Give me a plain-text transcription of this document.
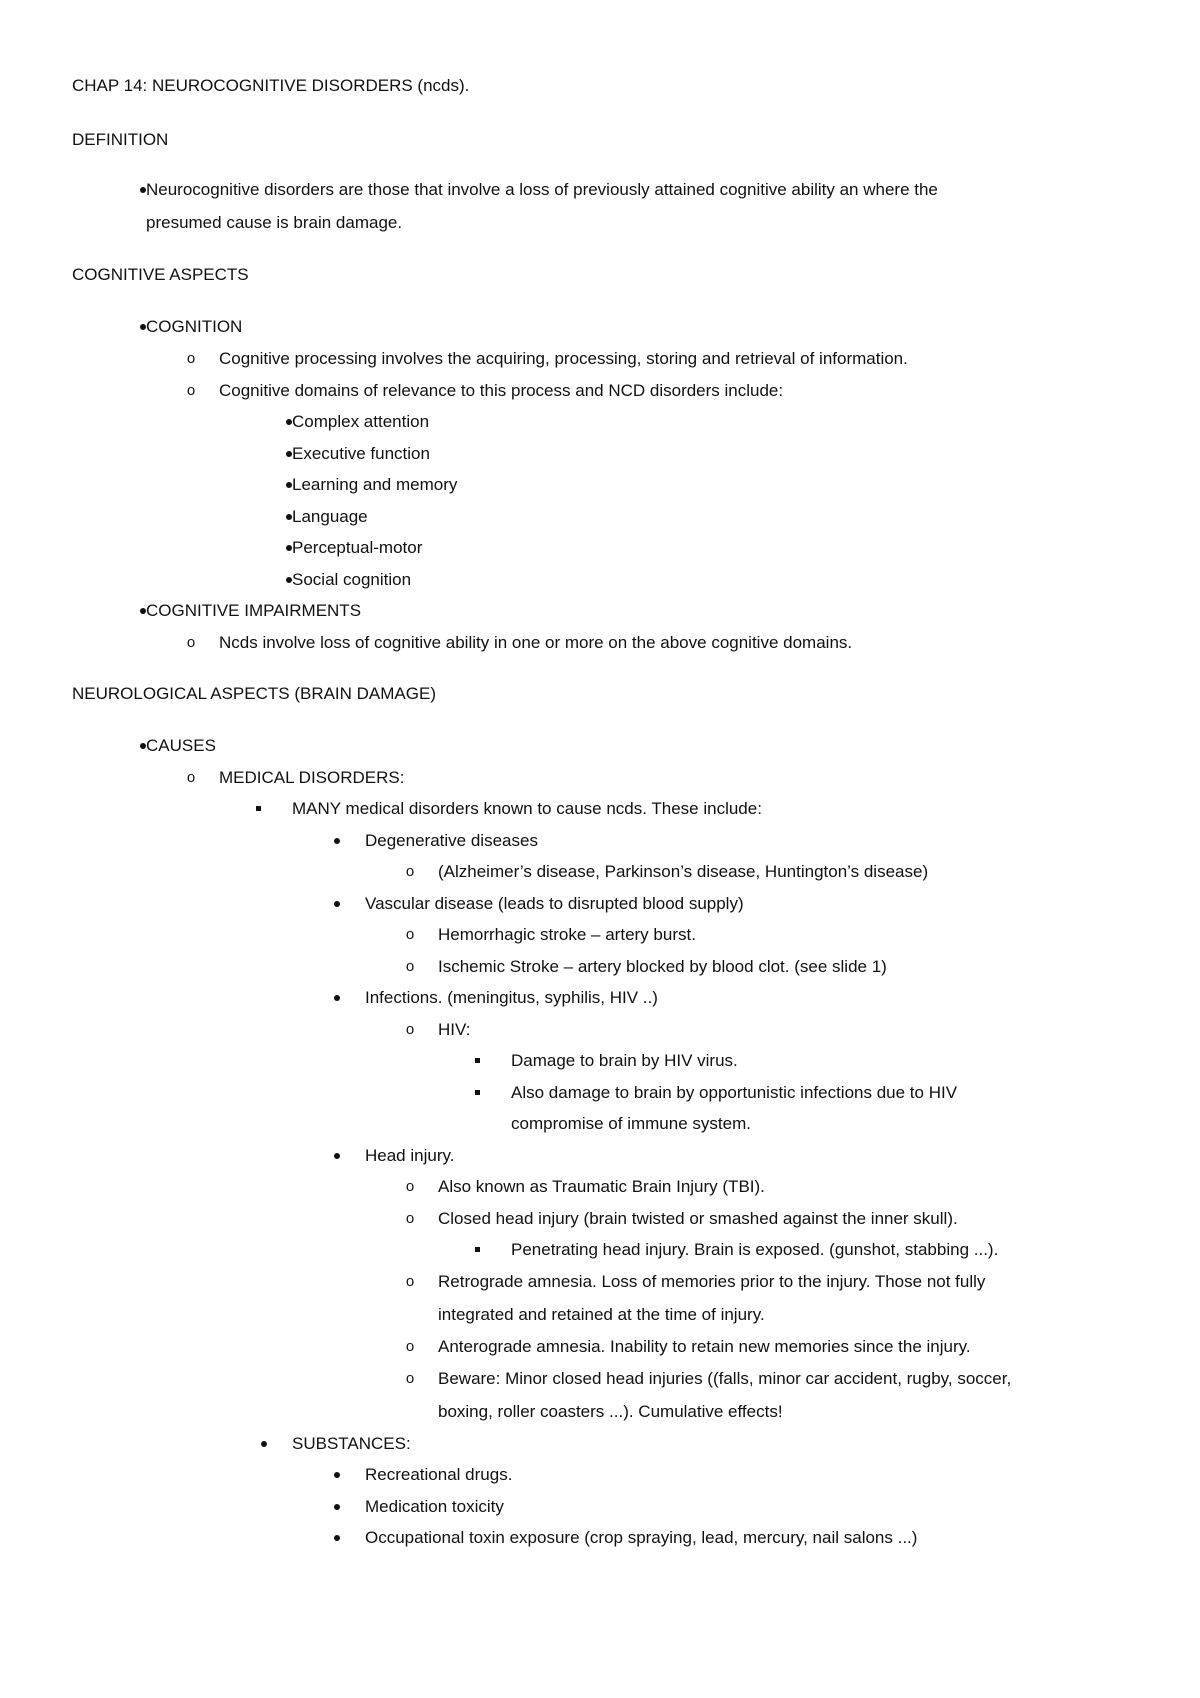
CHAP 14: NEUROCOGNITIVE DISORDERS (ncds).
DEFINITION
Neurocognitive disorders are those that involve a loss of previously attained cognitive ability an where the
presumed cause is brain damage.
COGNITIVE ASPECTS
COGNITION
o	Cognitive processing involves the acquiring, processing, storing and retrieval of information.
o	Cognitive domains of relevance to this process and NCD disorders include:
Complex attention
Executive function
Learning and memory
Language
Perceptual-motor
Social cognition
COGNITIVE IMPAIRMENTS
o	Ncds involve loss of cognitive ability in one or more on the above cognitive domains.
NEUROLOGICAL ASPECTS (BRAIN DAMAGE)
CAUSES
o	MEDICAL DISORDERS:
MANY medical disorders known to cause ncds. These include:
Degenerative diseases
o	(Alzheimer’s disease, Parkinson’s disease, Huntington’s disease)
Vascular disease (leads to disrupted blood supply)
o	Hemorrhagic stroke – artery burst.
o	Ischemic Stroke – artery blocked by blood clot. (see slide 1)
Infections. (meningitus, syphilis, HIV ..)
o	HIV:
Damage to brain by HIV virus.
Also damage to brain by opportunistic infections due to HIV
compromise of immune system.
Head injury.
o	Also known as Traumatic Brain Injury (TBI).
o	Closed head injury (brain twisted or smashed against the inner skull).
Penetrating head injury. Brain is exposed. (gunshot, stabbing ...).
o	Retrograde amnesia. Loss of memories prior to the injury. Those not fully
integrated and retained at the time of injury.
o	Anterograde amnesia. Inability to retain new memories since the injury.
o	Beware: Minor closed head injuries ((falls, minor car accident, rugby, soccer,
boxing, roller coasters ...). Cumulative effects!
SUBSTANCES:
Recreational drugs.
Medication toxicity
Occupational toxin exposure (crop spraying, lead, mercury, nail salons ...)
